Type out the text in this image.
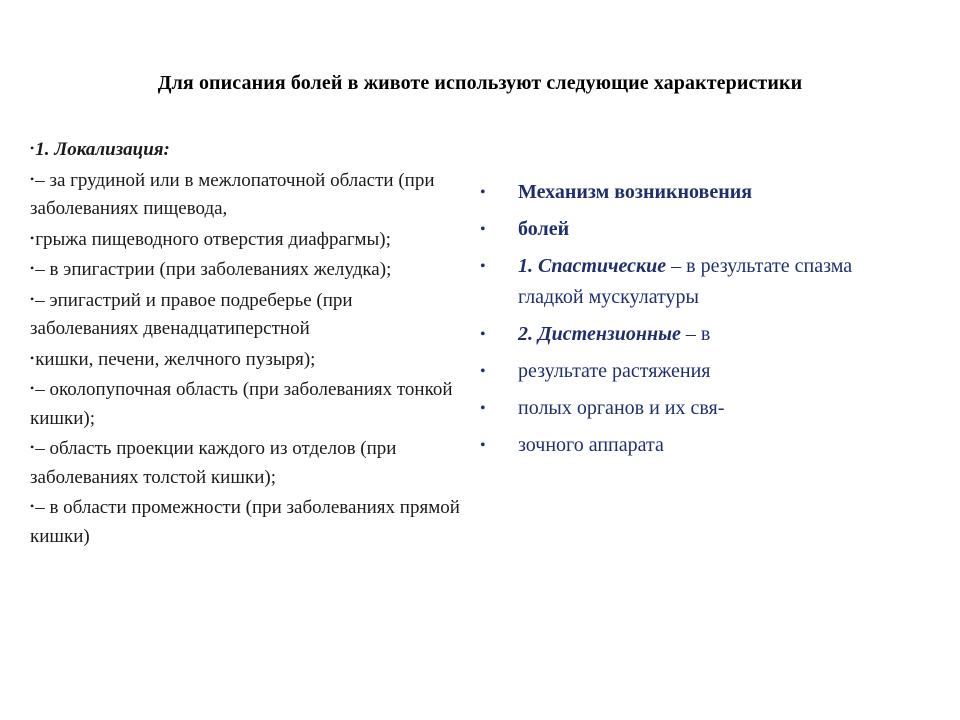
Для описания болей в животе используют следующие характеристики
•1. Локализация:
•– за грудиной или в межлопаточной области (при заболеваниях пищевода,
•грыжа пищеводного отверстия диафрагмы);
•– в эпигастрии (при заболеваниях желудка);
•– эпигастрий и правое подреберье (при заболеваниях двенадцатиперстной
•кишки, печени, желчного пузыря);
•– околопупочная область (при заболеваниях тонкой кишки);
•– область проекции каждого из отделов (при заболеваниях толстой кишки);
•– в области промежности (при заболеваниях прямой кишки)
• Механизм возникновения
• болей
• 1. Спастические – в результате спазма гладкой мускулатуры
• 2. Дистензионные – в
• результате растяжения
• полых органов и их свя-
• зочного аппарата
